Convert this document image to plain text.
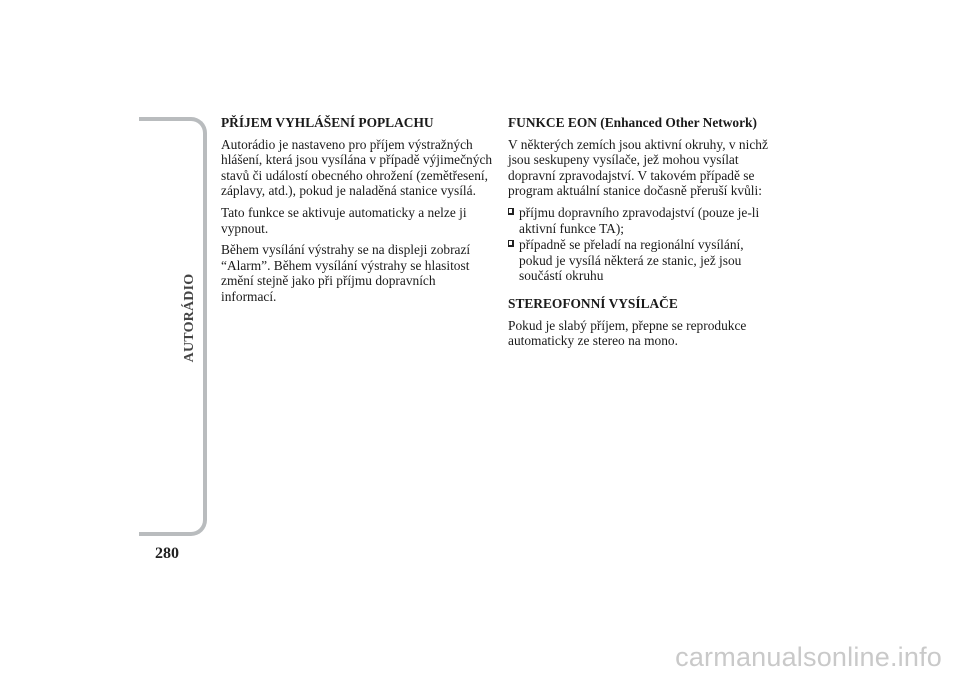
AUTORÁDIO
280
PŘÍJEM VYHLÁŠENÍ POPLACHU

Autorádio je nastaveno pro příjem výstražných hlášení, která jsou vysílána v případě výjimečných stavů či událostí obecného ohrožení (zemětřesení, záplavy, atd.), pokud je naladěná stanice vysílá.

Tato funkce se aktivuje automaticky a nelze ji vypnout.

Během vysílání výstrahy se na displeji zobrazí “Alarm”. Během vysílání výstrahy se hlasitost změní stejně jako při příjmu dopravních informací.

FUNKCE EON (Enhanced Other Network)

V některých zemích jsou aktivní okruhy, v nichž jsou seskupeny vysílače, jež mohou vysílat dopravní zpravodajství. V takovém případě se program aktuální stanice dočasně přeruší kvůli:

příjmu dopravního zpravodajství (pouze je-li aktivní funkce TA);
případně se přeladí na regionální vysílání, pokud je vysílá některá ze stanic, jež jsou součástí okruhu
STEREOFONNÍ VYSÍLAČE

Pokud je slabý příjem, přepne se reprodukce automaticky ze stereo na mono.

carmanualsonline.info
